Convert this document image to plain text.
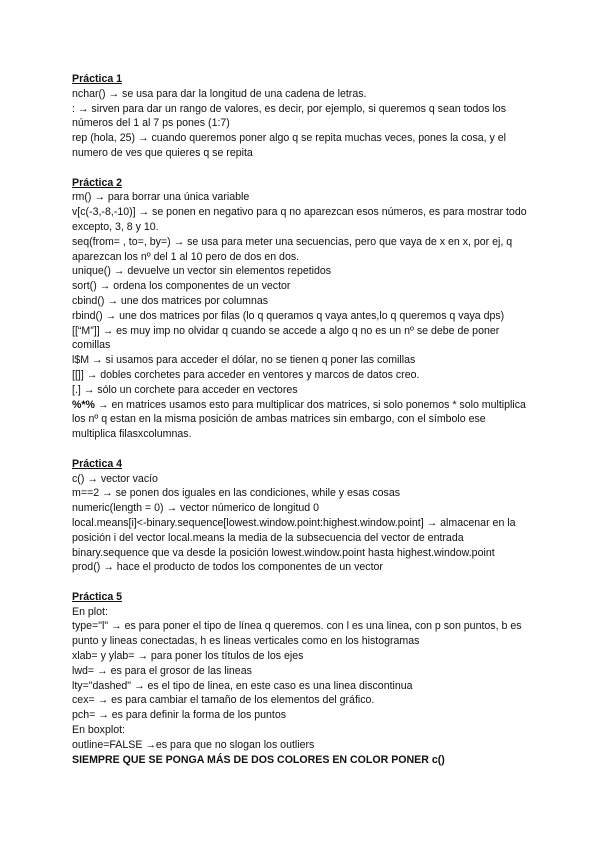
Práctica 1
nchar() → se usa para dar la longitud de una cadena de letras.
: → sirven para dar un rango de valores, es decir, por ejemplo, si queremos q sean todos los números del 1 al 7 ps pones (1:7)
rep (hola, 25) → cuando queremos poner algo q se repita muchas veces, pones la cosa, y el numero de ves que quieres q se repita
Práctica 2
rm() → para borrar una única variable
v[c(-3,-8,-10)] → se ponen en negativo para q no aparezcan esos números, es para mostrar todo excepto, 3, 8 y 10.
seq(from= , to=, by=) → se usa para meter una secuencias, pero que vaya de x en x, por ej, q aparezcan los nº del 1 al 10 pero de dos en dos.
unique() → devuelve un vector sin elementos repetidos
sort() → ordena los componentes de un vector
cbind() → une dos matrices por columnas
rbind() → une dos matrices por filas (lo q queramos q vaya antes,lo q queremos q vaya dps)
[[“M”]] → es muy imp no olvidar q cuando se accede a algo q no es un nº se debe de poner comillas
l$M → si usamos para acceder el dólar, no se tienen q poner las comillas
[[]] → dobles corchetes para acceder en ventores y marcos de datos creo.
[.] → sólo un corchete para acceder en vectores
%*% → en matrices usamos esto para multiplicar dos matrices, si solo ponemos * solo multiplica los nº q estan en la misma posición de ambas matrices sin embargo, con el símbolo ese multiplica filasxcolumnas.
Práctica 4
c() → vector vacío
m==2 → se ponen dos iguales en las condiciones, while y esas cosas
numeric(length = 0) → vector númerico de longitud 0
local.means[i]<-binary.sequence[lowest.window.point:highest.window.point] → almacenar en la posición i del vector local.means la media de la subsecuencia del vector de entrada binary.sequence que va desde la posición lowest.window.point hasta highest.window.point
prod() → hace el producto de todos los componentes de un vector
Práctica 5
En plot:
type="l" → es para poner el tipo de línea q queremos. con l es una linea, con p son puntos, b es punto y lineas conectadas, h es lineas verticales como en los histogramas
xlab= y ylab= → para poner los títulos de los ejes
lwd= → es para el grosor de las lineas
lty="dashed" → es el tipo de linea, en este caso es una linea discontinua
cex= → es para cambiar el tamaño de los elementos del gráfico.
pch= → es para definir la forma de los puntos
En boxplot:
outline=FALSE →es para que no slogan los outliers
SIEMPRE QUE SE PONGA MÁS DE DOS COLORES EN COLOR PONER c()
